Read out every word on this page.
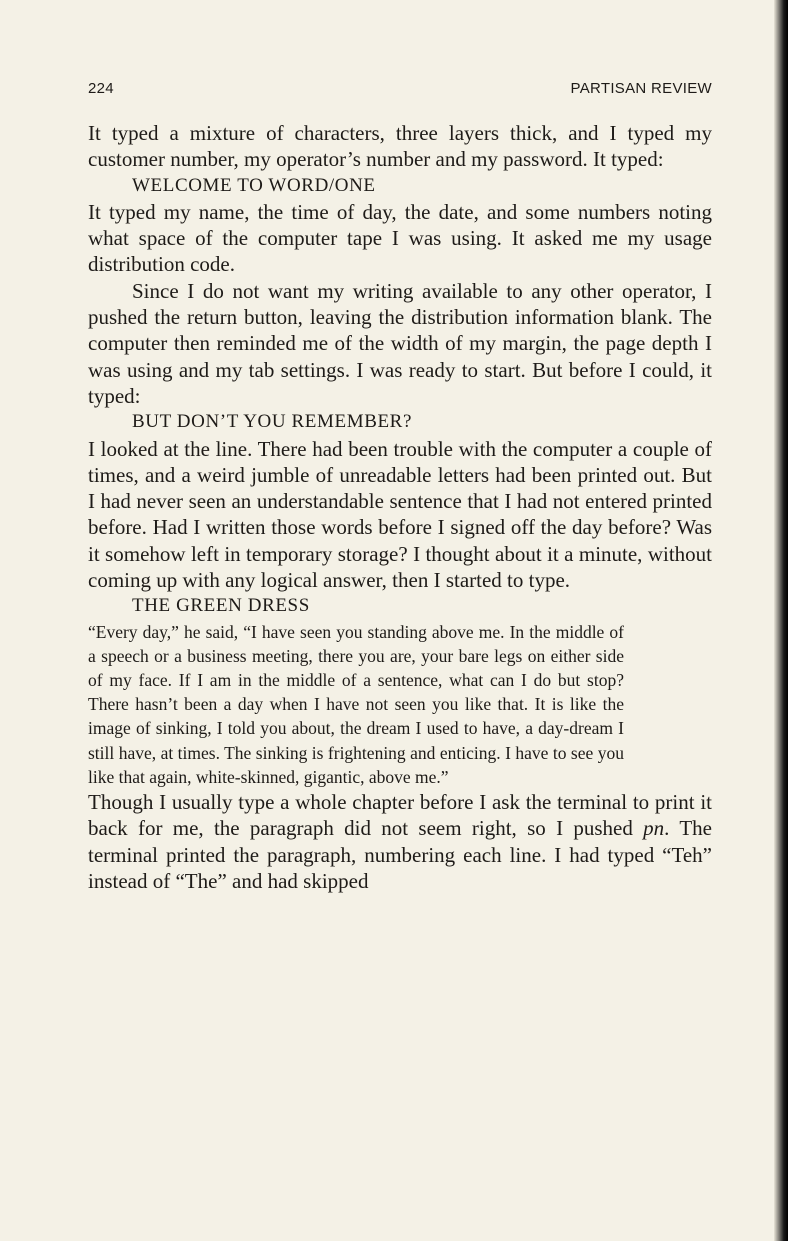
224	PARTISAN REVIEW

It typed a mixture of characters, three layers thick, and I typed my customer number, my operator’s number and my password. It typed:

WELCOME TO WORD/ONE

It typed my name, the time of day, the date, and some numbers noting what space of the computer tape I was using. It asked me my usage distribution code.

Since I do not want my writing available to any other operator, I pushed the return button, leaving the distribution information blank. The computer then reminded me of the width of my margin, the page depth I was using and my tab settings. I was ready to start. But before I could, it typed:

BUT DON’T YOU REMEMBER?

I looked at the line. There had been trouble with the computer a couple of times, and a weird jumble of unreadable letters had been printed out. But I had never seen an understandable sentence that I had not entered printed before. Had I written those words before I signed off the day before? Was it somehow left in temporary storage? I thought about it a minute, without coming up with any logical answer, then I started to type.

THE GREEN DRESS

“Every day,” he said, “I have seen you standing above me. In the middle of a speech or a business meeting, there you are, your bare legs on either side of my face. If I am in the middle of a sentence, what can I do but stop? There hasn’t been a day when I have not seen you like that. It is like the image of sinking, I told you about, the dream I used to have, a day-dream I still have, at times. The sinking is frightening and enticing. I have to see you like that again, white-skinned, gigantic, above me.”

Though I usually type a whole chapter before I ask the terminal to print it back for me, the paragraph did not seem right, so I pushed pn. The terminal printed the paragraph, numbering each line. I had typed “Teh” instead of “The” and had skipped
